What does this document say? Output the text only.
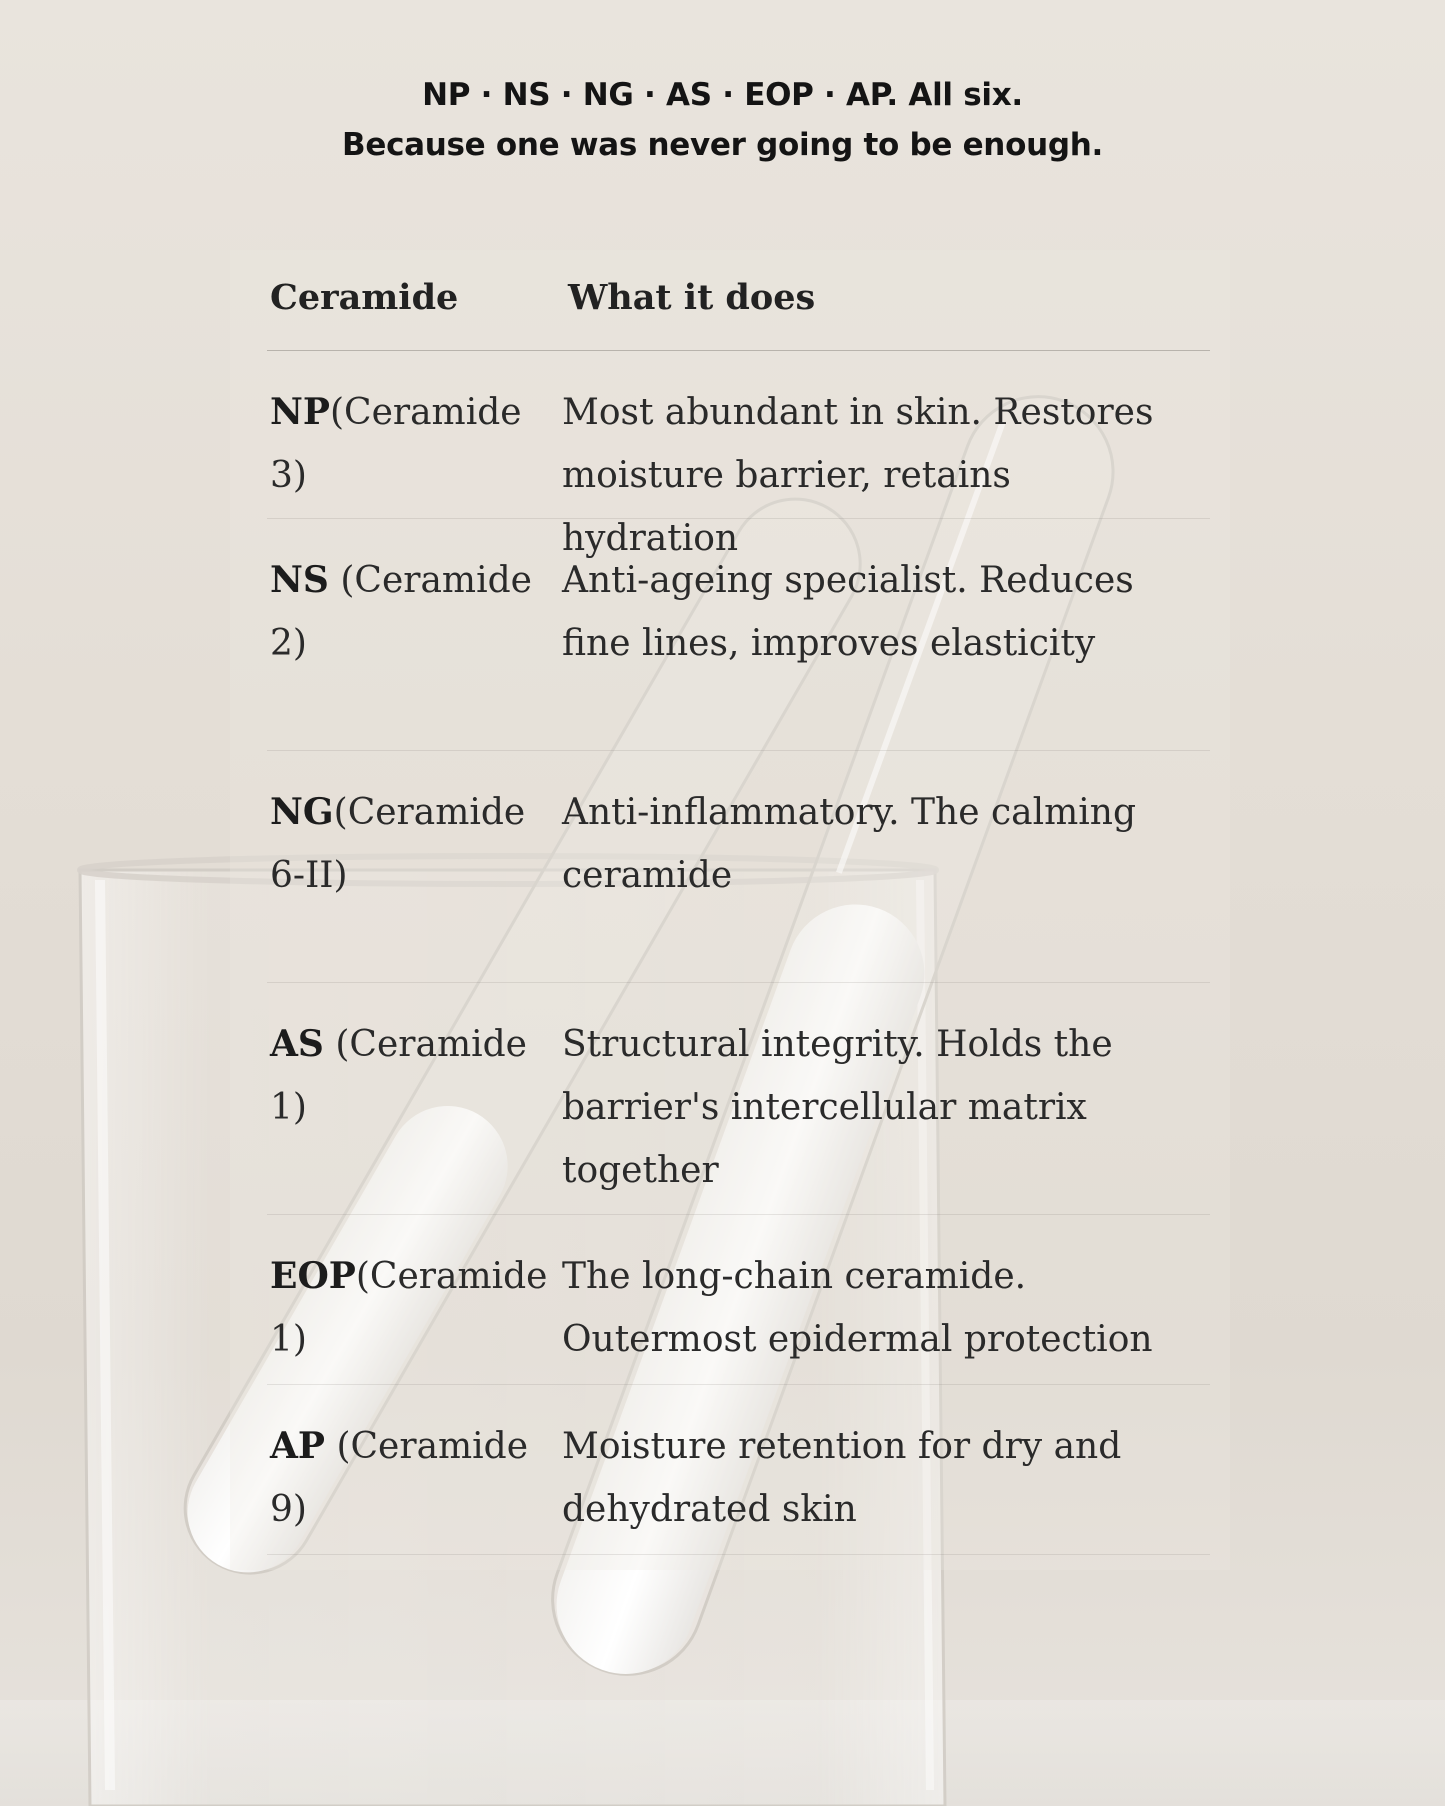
NP · NS · NG · AS · EOP · AP. All six.
Because one was never going to be enough.
Ceramide	What it does
NP(Ceramide 3)
Most abundant in skin. Restores moisture barrier, retains hydration
NS (Ceramide 2)
Anti-ageing specialist. Reduces fine lines, improves elasticity
NG(Ceramide 6-II)
Anti-inflammatory. The calming ceramide
AS (Ceramide 1)
Structural integrity. Holds the barrier's intercellular matrix together
EOP(Ceramide 1)
The long-chain ceramide. Outermost epidermal protection
AP (Ceramide 9)
Moisture retention for dry and dehydrated skin
